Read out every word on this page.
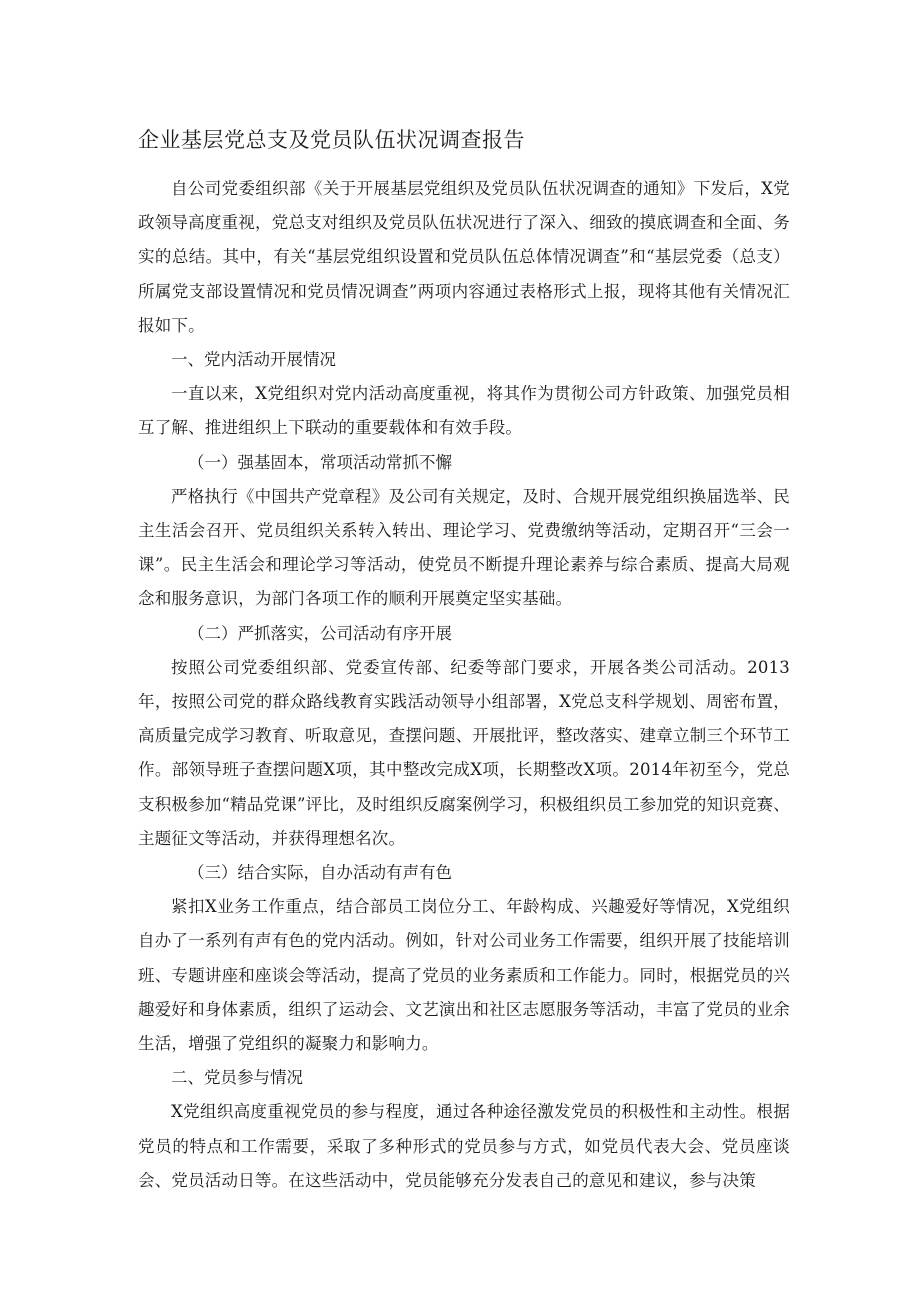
企业基层党总支及党员队伍状况调查报告

自公司党委组织部《关于开展基层党组织及党员队伍状况调查的通知》下发后，X党政领导高度重视，党总支对组织及党员队伍状况进行了深入、细致的摸底调查和全面、务实的总结。其中，有关“基层党组织设置和党员队伍总体情况调查”和“基层党委（总支）所属党支部设置情况和党员情况调查”两项内容通过表格形式上报，现将其他有关情况汇报如下。

一、党内活动开展情况

一直以来，X党组织对党内活动高度重视，将其作为贯彻公司方针政策、加强党员相互了解、推进组织上下联动的重要载体和有效手段。

（一）强基固本，常项活动常抓不懈

严格执行《中国共产党章程》及公司有关规定，及时、合规开展党组织换届选举、民主生活会召开、党员组织关系转入转出、理论学习、党费缴纳等活动，定期召开“三会一课”。民主生活会和理论学习等活动，使党员不断提升理论素养与综合素质、提高大局观念和服务意识，为部门各项工作的顺利开展奠定坚实基础。

（二）严抓落实，公司活动有序开展

按照公司党委组织部、党委宣传部、纪委等部门要求，开展各类公司活动。2013年，按照公司党的群众路线教育实践活动领导小组部署，X党总支科学规划、周密布置，高质量完成学习教育、听取意见，查摆问题、开展批评，整改落实、建章立制三个环节工作。部领导班子查摆问题X项，其中整改完成X项，长期整改X项。2014年初至今，党总支积极参加“精品党课”评比，及时组织反腐案例学习，积极组织员工参加党的知识竞赛、主题征文等活动，并获得理想名次。

（三）结合实际，自办活动有声有色

紧扣X业务工作重点，结合部员工岗位分工、年龄构成、兴趣爱好等情况，X党组织自办了一系列有声有色的党内活动。例如，针对公司业务工作需要，组织开展了技能培训班、专题讲座和座谈会等活动，提高了党员的业务素质和工作能力。同时，根据党员的兴趣爱好和身体素质，组织了运动会、文艺演出和社区志愿服务等活动，丰富了党员的业余生活，增强了党组织的凝聚力和影响力。

二、党员参与情况

X党组织高度重视党员的参与程度，通过各种途径激发党员的积极性和主动性。根据党员的特点和工作需要，采取了多种形式的党员参与方式，如党员代表大会、党员座谈会、党员活动日等。在这些活动中，党员能够充分发表自己的意见和建议，参与决策
